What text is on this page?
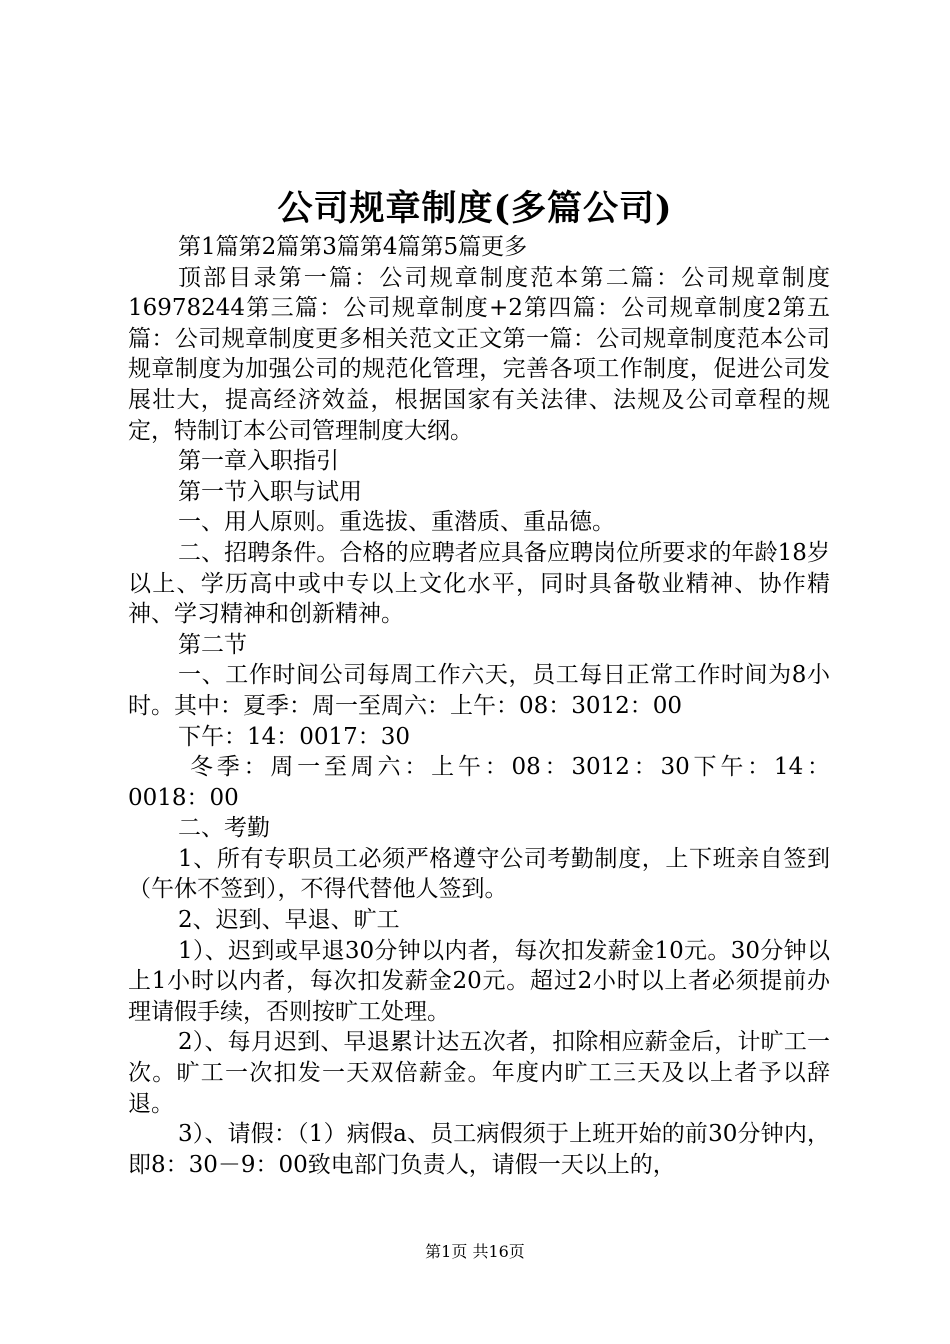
公司规章制度(多篇公司)

第1篇第2篇第3篇第4篇第5篇更多

顶部目录第一篇：公司规章制度范本第二篇：公司规章制度16978244第三篇：公司规章制度+2第四篇：公司规章制度2第五篇：公司规章制度更多相关范文正文第一篇：公司规章制度范本公司规章制度为加强公司的规范化管理，完善各项工作制度，促进公司发展壮大，提高经济效益，根据国家有关法律、法规及公司章程的规定，特制订本公司管理制度大纲。

第一章入职指引

第一节入职与试用

一、用人原则。重选拔、重潜质、重品德。

二、招聘条件。合格的应聘者应具备应聘岗位所要求的年龄18岁以上、学历高中或中专以上文化水平，同时具备敬业精神、协作精神、学习精神和创新精神。

第二节

一、工作时间公司每周工作六天，员工每日正常工作时间为8小时。其中：夏季：周一至周六：上午：08：3012：00

下午：14：0017：30

冬季：周一至周六：上午：08：3012：30下午：14：0018：00

二、考勤

1、所有专职员工必须严格遵守公司考勤制度，上下班亲自签到（午休不签到），不得代替他人签到。

2、迟到、早退、旷工

1）、迟到或早退30分钟以内者，每次扣发薪金10元。30分钟以上1小时以内者，每次扣发薪金20元。超过2小时以上者必须提前办理请假手续，否则按旷工处理。

2）、每月迟到、早退累计达五次者，扣除相应薪金后，计旷工一次。旷工一次扣发一天双倍薪金。年度内旷工三天及以上者予以辞退。

3）、请假：（1）病假a、员工病假须于上班开始的前30分钟内，即8：30－9：00致电部门负责人，请假一天以上的，

第1页 共16页
